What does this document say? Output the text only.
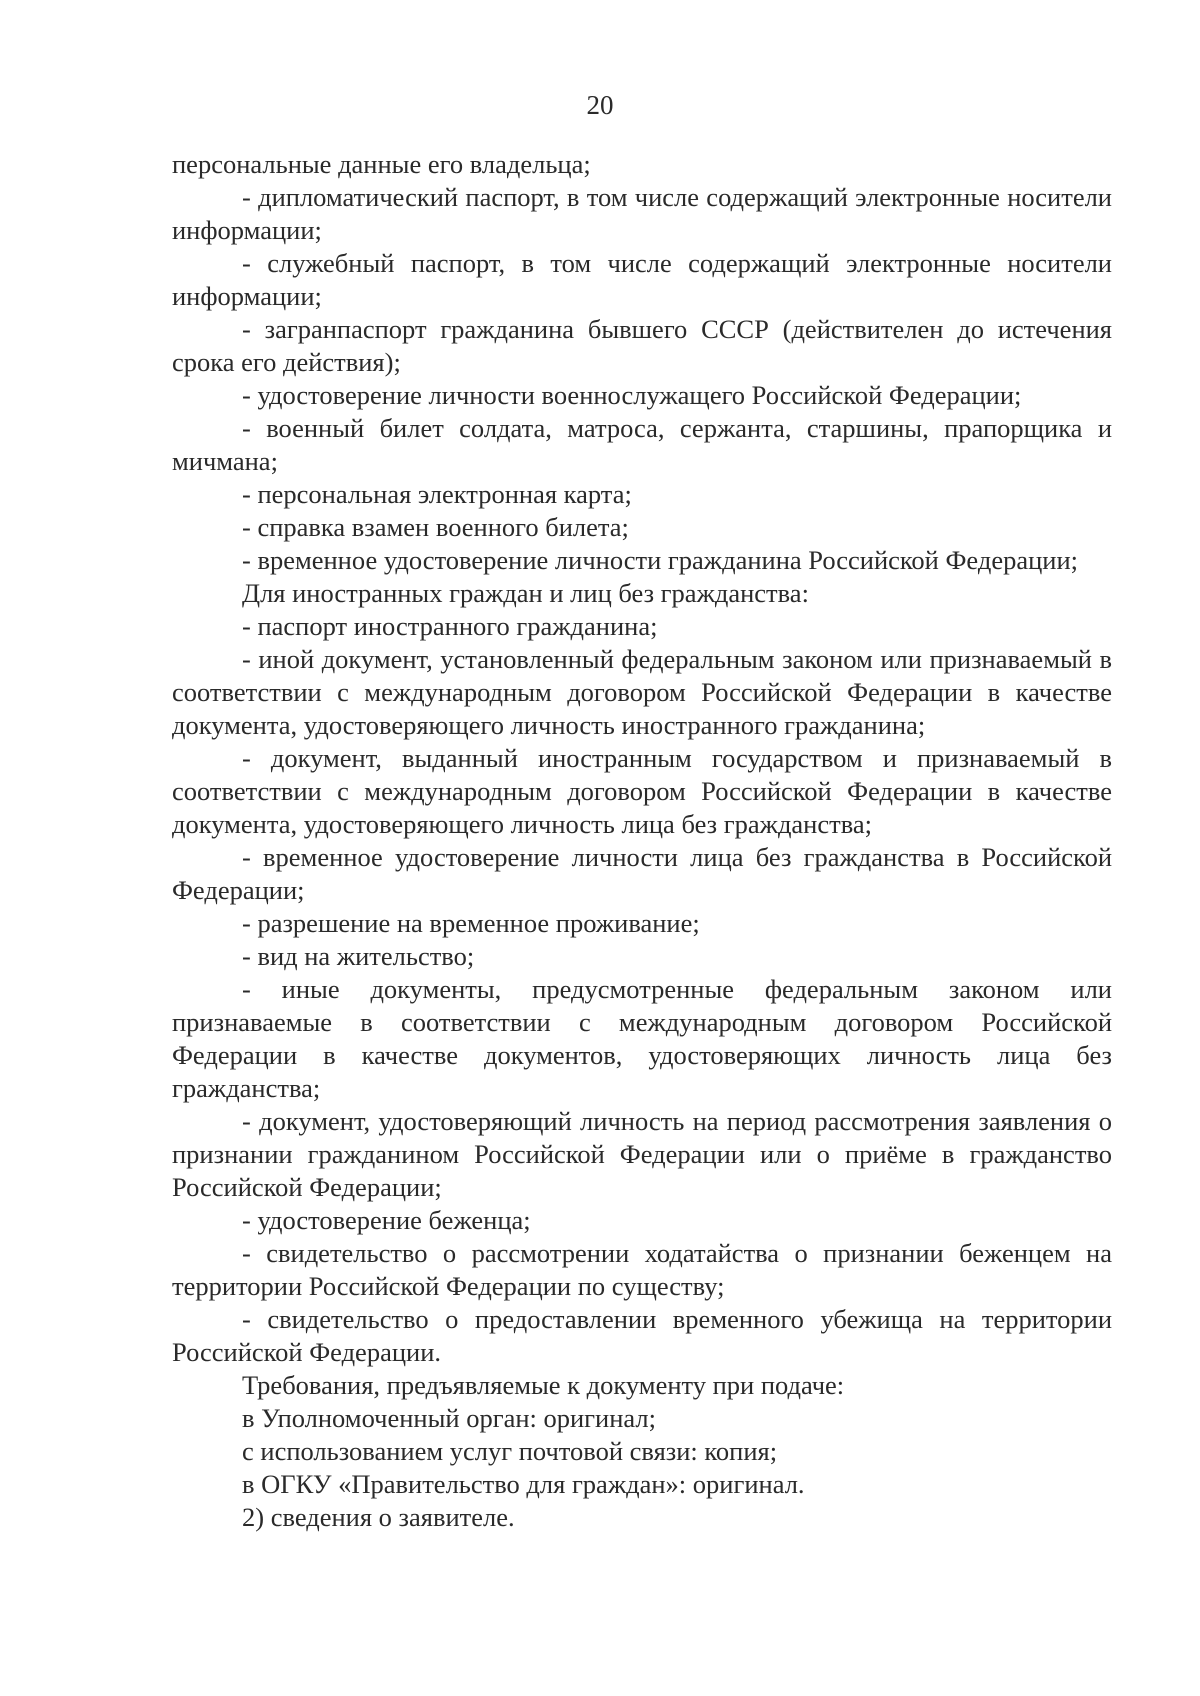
20

персональные данные его владельца;

- дипломатический паспорт, в том числе содержащий электронные носители информации;

- служебный паспорт, в том числе содержащий электронные носители информации;

- загранпаспорт гражданина бывшего СССР (действителен до истечения срока его действия);

- удостоверение личности военнослужащего Российской Федерации;

- военный билет солдата, матроса, сержанта, старшины, прапорщика и мичмана;

- персональная электронная карта;

- справка взамен военного билета;

- временное удостоверение личности гражданина Российской Федерации;

Для иностранных граждан и лиц без гражданства:

- паспорт иностранного гражданина;

- иной документ, установленный федеральным законом или признаваемый в соответствии с международным договором Российской Федерации в качестве документа, удостоверяющего личность иностранного гражданина;

- документ, выданный иностранным государством и признаваемый в соответствии с международным договором Российской Федерации в качестве документа, удостоверяющего личность лица без гражданства;

- временное удостоверение личности лица без гражданства в Российской Федерации;

- разрешение на временное проживание;

- вид на жительство;

- иные документы, предусмотренные федеральным законом или признаваемые в соответствии с международным договором Российской Федерации в качестве документов, удостоверяющих личность лица без гражданства;

- документ, удостоверяющий личность на период рассмотрения заявления о признании гражданином Российской Федерации или о приёме в гражданство Российской Федерации;

- удостоверение беженца;

- свидетельство о рассмотрении ходатайства о признании беженцем на территории Российской Федерации по существу;

- свидетельство о предоставлении временного убежища на территории Российской Федерации.

Требования, предъявляемые к документу при подаче:

в Уполномоченный орган: оригинал;

с использованием услуг почтовой связи: копия;

в ОГКУ «Правительство для граждан»: оригинал.

2) сведения о заявителе.
